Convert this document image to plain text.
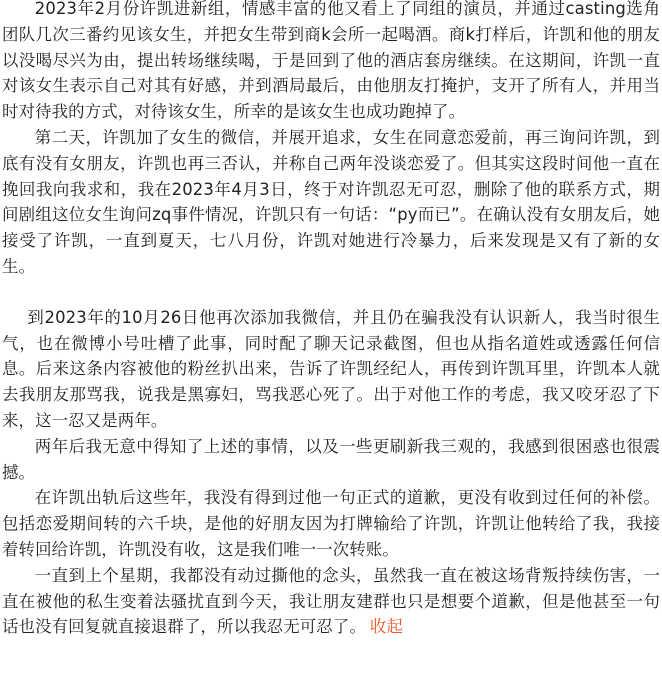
2023年2月份许凯进新组，情感丰富的他又看上了同组的演员，并通过casting选角团队几次三番约见该女生，并把女生带到商k会所一起喝酒。商k打样后，许凯和他的朋友以没喝尽兴为由，提出转场继续喝，于是回到了他的酒店套房继续。在这期间，许凯一直对该女生表示自己对其有好感，并到酒局最后，由他朋友打掩护，支开了所有人，并用当时对待我的方式，对待该女生，所幸的是该女生也成功跑掉了。

第二天，许凯加了女生的微信，并展开追求，女生在同意恋爱前，再三询问许凯，到底有没有女朋友，许凯也再三否认，并称自己两年没谈恋爱了。但其实这段时间他一直在挽回我向我求和，我在2023年4月3日，终于对许凯忍无可忍，删除了他的联系方式，期间剧组这位女生询问zq事件情况，许凯只有一句话：“py而已”。在确认没有女朋友后，她接受了许凯，一直到夏天，七八月份，许凯对她进行冷暴力，后来发现是又有了新的女生。

到2023年的10月26日他再次添加我微信，并且仍在骗我没有认识新人，我当时很生气，也在微博小号吐槽了此事，同时配了聊天记录截图，但也从指名道姓或透露任何信息。后来这条内容被他的粉丝扒出来，告诉了许凯经纪人，再传到许凯耳里，许凯本人就去我朋友那骂我，说我是黑寡妇，骂我恶心死了。出于对他工作的考虑，我又咬牙忍了下来，这一忍又是两年。

两年后我无意中得知了上述的事情，以及一些更刷新我三观的，我感到很困惑也很震撼。

在许凯出轨后这些年，我没有得到过他一句正式的道歉，更没有收到过任何的补偿。包括恋爱期间转的六千块，是他的好朋友因为打牌输给了许凯，许凯让他转给了我，我接着转回给许凯，许凯没有收，这是我们唯一一次转账。

一直到上个星期，我都没有动过撕他的念头，虽然我一直在被这场背叛持续伤害，一直在被他的私生变着法骚扰直到今天，我让朋友建群也只是想要个道歉，但是他甚至一句话也没有回复就直接退群了，所以我忍无可忍了。 收起
